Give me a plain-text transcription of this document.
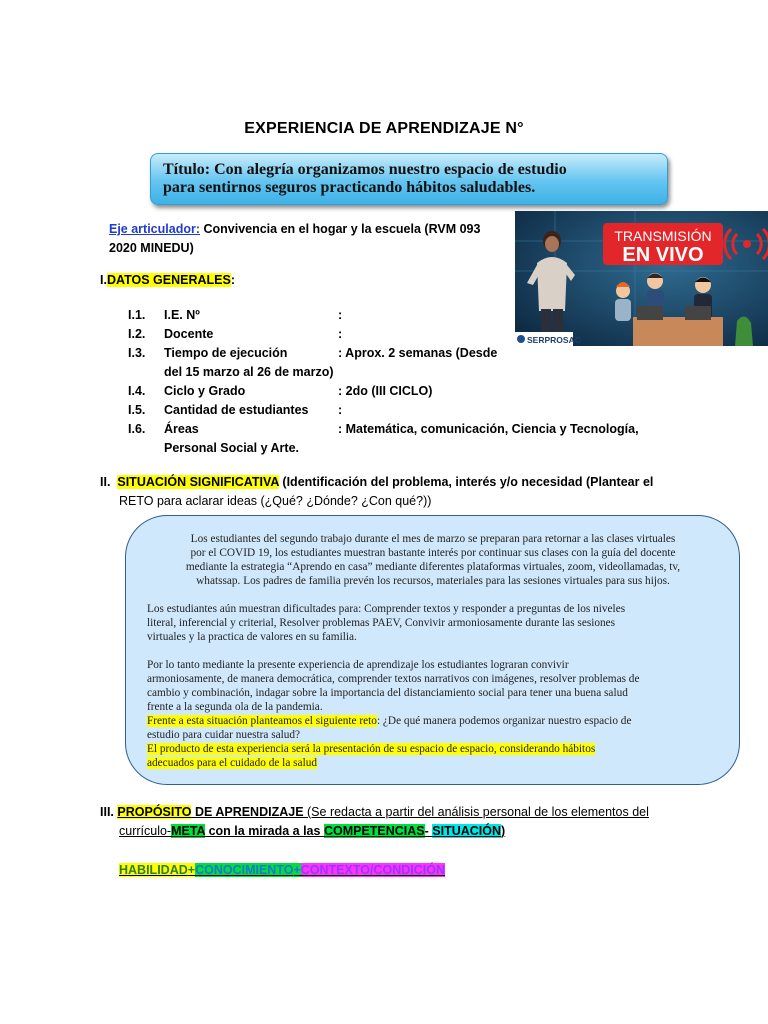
EXPERIENCIA DE APRENDIZAJE N°
Título: Con alegría organizamos nuestro espacio de estudio
para sentirnos seguros practicando hábitos saludables.
Eje articulador: Convivencia en el hogar y la escuela (RVM 093
2020 MINEDU)
TRANSMISIÓN
EN VIVO
SERPROSAC
I.DATOS GENERALES:
I.1. I.E. Nº	:
I.2. Docente	:
I.3. Tiempo de ejecución	: Aprox. 2 semanas (Desde
del 15 marzo al 26 de marzo)
I.4. Ciclo y Grado	: 2do (III CICLO)
I.5. Cantidad de estudiantes :
I.6. Áreas	: Matemática, comunicación, Ciencia y Tecnología,
Personal Social y Arte.
II. SITUACIÓN SIGNIFICATIVA (Identificación del problema, interés y/o necesidad (Plantear el
RETO para aclarar ideas (¿Qué? ¿Dónde? ¿Con qué?))
Los estudiantes del segundo trabajo durante el mes de marzo se preparan para retornar a las clases virtuales
por el COVID 19, los estudiantes muestran bastante interés por continuar sus clases con la guía del docente
mediante la estrategia “Aprendo en casa” mediante diferentes plataformas virtuales, zoom, videollamadas, tv,
whatssap. Los padres de familia prevén los recursos, materiales para las sesiones virtuales para sus hijos.
Los estudiantes aún muestran dificultades para: Comprender textos y responder a preguntas de los niveles
literal, inferencial y criterial, Resolver problemas PAEV, Convivir armoniosamente durante las sesiones
virtuales y la practica de valores en su familia.
Por lo tanto mediante la presente experiencia de aprendizaje los estudiantes lograran convivir
armoniosamente, de manera democrática, comprender textos narrativos con imágenes, resolver problemas de
cambio y combinación, indagar sobre la importancia del distanciamiento social para tener una buena salud
frente a la segunda ola de la pandemia.
Frente a esta situación planteamos el siguiente reto: ¿De qué manera podemos organizar nuestro espacio de
estudio para cuidar nuestra salud?
El producto de esta experiencia será la presentación de su espacio de espacio, considerando hábitos
adecuados para el cuidado de la salud
III. PROPÓSITO DE APRENDIZAJE (Se redacta a partir del análisis personal de los elementos del
currículo-META con la mirada a las COMPETENCIAS- SITUACIÓN)
HABILIDAD+CONOCIMIENTO+CONTEXTO/CONDICIÓN
